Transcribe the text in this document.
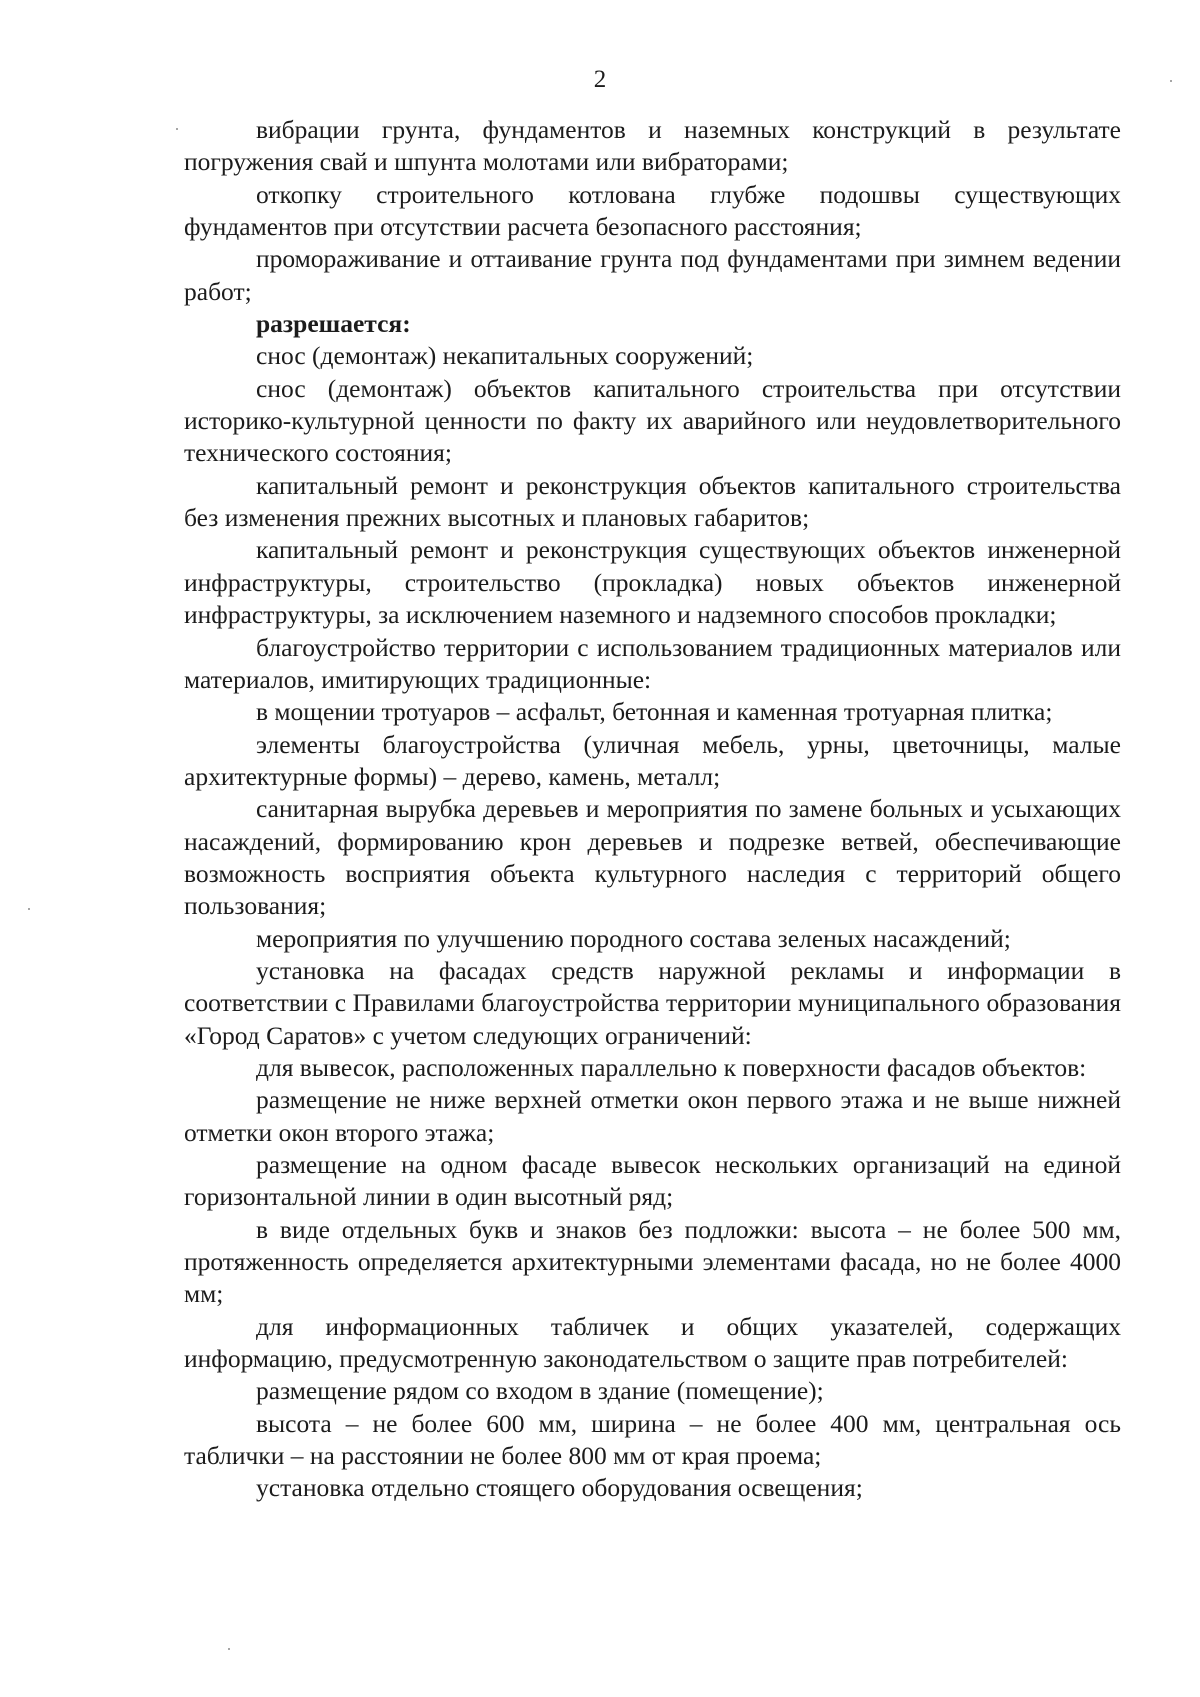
2

вибрации грунта, фундаментов и наземных конструкций в результате погружения свай и шпунта молотами или вибраторами;

откопку строительного котлована глубже подошвы существующих фундаментов при отсутствии расчета безопасного расстояния;

промораживание и оттаивание грунта под фундаментами при зимнем ведении работ;

разрешается:

снос (демонтаж) некапитальных сооружений;

снос (демонтаж) объектов капитального строительства при отсутствии историко-культурной ценности по факту их аварийного или неудовлетворительного технического состояния;

капитальный ремонт и реконструкция объектов капитального строительства без изменения прежних высотных и плановых габаритов;

капитальный ремонт и реконструкция существующих объектов инженерной инфраструктуры, строительство (прокладка) новых объектов инженерной инфраструктуры, за исключением наземного и надземного способов прокладки;

благоустройство территории с использованием традиционных материалов или материалов, имитирующих традиционные:

в мощении тротуаров – асфальт, бетонная и каменная тротуарная плитка;

элементы благоустройства (уличная мебель, урны, цветочницы, малые архитектурные формы) – дерево, камень, металл;

санитарная вырубка деревьев и мероприятия по замене больных и усыхающих насаждений, формированию крон деревьев и подрезке ветвей, обеспечивающие возможность восприятия объекта культурного наследия с территорий общего пользования;

мероприятия по улучшению породного состава зеленых насаждений;

установка на фасадах средств наружной рекламы и информации в соответствии с Правилами благоустройства территории муниципального образования «Город Саратов» с учетом следующих ограничений:

для вывесок, расположенных параллельно к поверхности фасадов объектов:

размещение не ниже верхней отметки окон первого этажа и не выше нижней отметки окон второго этажа;

размещение на одном фасаде вывесок нескольких организаций на единой горизонтальной линии в один высотный ряд;

в виде отдельных букв и знаков без подложки: высота – не более 500 мм, протяженность определяется архитектурными элементами фасада, но не более 4000 мм;

для информационных табличек и общих указателей, содержащих информацию, предусмотренную законодательством о защите прав потребителей:

размещение рядом со входом в здание (помещение);

высота – не более 600 мм, ширина – не более 400 мм, центральная ось таблички – на расстоянии не более 800 мм от края проема;

установка отдельно стоящего оборудования освещения;
